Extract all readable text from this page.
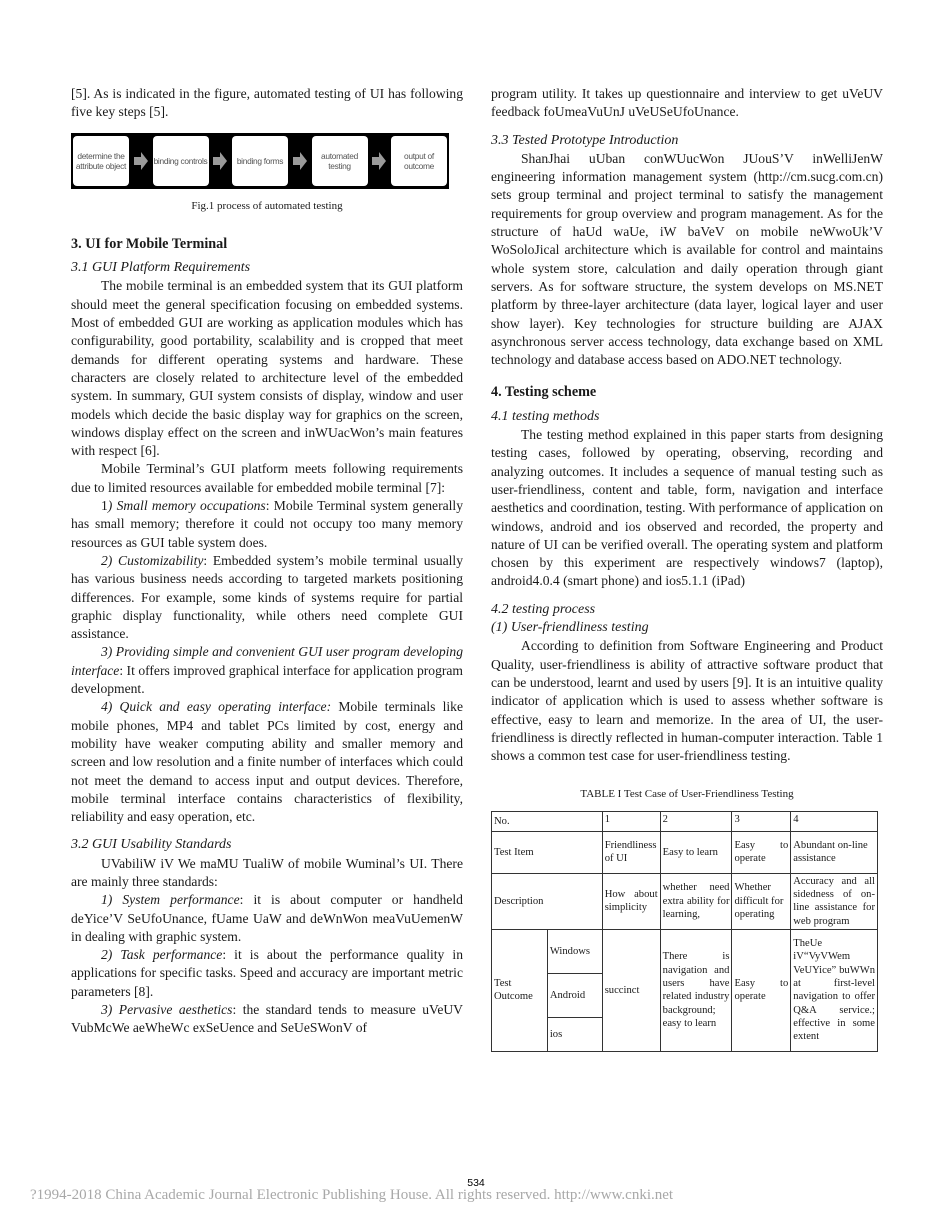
[5]. As is indicated in the figure, automated testing of UI has following five key steps [5].

determine the attribute object	binding controls	binding forms	automated testing
output of outcome
Fig.1 process of automated testing
3. UI for Mobile Terminal
3.1 GUI Platform Requirements

The mobile terminal is an embedded system that its GUI platform should meet the general specification focusing on embedded systems. Most of embedded GUI are working as application modules which has configurability, good portability, scalability and is cropped that meet demands for different operating systems and hardware. These characters are closely related to architecture level of the embedded system. In summary, GUI system consists of display, window and user models which decide the basic display way for graphics on the screen, windows display effect on the screen and inWUacWon’s main features with respect [6].

Mobile Terminal’s GUI platform meets following requirements due to limited resources available for embedded mobile terminal [7]:

1) Small memory occupations: Mobile Terminal system generally has small memory; therefore it could not occupy too many memory resources as GUI table system does.

2) Customizability: Embedded system’s mobile terminal usually has various business needs according to targeted markets positioning differences. For example, some kinds of systems require for partial graphic display functionality, while others need complete GUI assistance.

3) Providing simple and convenient GUI user program developing interface: It offers improved graphical interface for application program development.

4) Quick and easy operating interface: Mobile terminals like mobile phones, MP4 and tablet PCs limited by cost, energy and mobility have weaker computing ability and smaller memory and screen and low resolution and a finite number of interfaces which could not meet the demand to access input and output devices. Therefore, mobile terminal interface contains characteristics of flexibility, reliability and easy operation, etc.

3.2 GUI Usability Standards

UVabiliW iV We maMU TualiW of mobile Wuminal’s UI. There are mainly three standards:

1) System performance: it is about computer or handheld deYice’V SeUfoUnance, fUame UaW and deWnWon meaVuUemenW in dealing with graphic system.

2) Task performance: it is about the performance quality in applications for specific tasks. Speed and accuracy are important metric parameters [8].

3) Pervasive aesthetics: the standard tends to measure uVeUV VubMcWe aeWheWc exSeUence and SeUeSWonV of

program utility. It takes up questionnaire and interview to get uVeUV feedback foUmeaVuUnJ uVeUSeUfoUnance.

3.3 Tested Prototype Introduction

ShanJhai uUban conWUucWon JUouS’V inWelliJenW engineering information management system (http://cm.sucg.com.cn) sets group terminal and project terminal to satisfy the management requirements for group overview and program management. As for the structure of haUd waUe, iW baVeV on mobile neWwoUk’V WoSoloJical architecture which is available for control and maintains whole system store, calculation and daily operation through giant servers. As for software structure, the system develops on MS.NET platform by three-layer architecture (data layer, logical layer and user show layer). Key technologies for structure building are AJAX asynchronous server access technology, data exchange based on XML technology and database access based on ADO.NET technology.

4. Testing scheme
4.1 testing methods

The testing method explained in this paper starts from designing testing cases, followed by operating, observing, recording and analyzing outcomes. It includes a sequence of manual testing such as user-friendliness, content and table, form, navigation and interface aesthetics and coordination, testing. With performance of application on windows, android and ios observed and recorded, the property and nature of UI can be verified overall. The operating system and platform chosen by this experiment are respectively windows7 (laptop), android4.0.4 (smart phone) and ios5.1.1 (iPad)

4.2 testing process
(1) User-friendliness testing

According to definition from Software Engineering and Product Quality, user-friendliness is ability of attractive software product that can be understood, learnt and used by users [9]. It is an intuitive quality indicator of application which is used to assess whether software is effective, easy to learn and memorize. In the area of UI, the user-friendliness is directly reflected in human-computer interaction. Table 1 shows a common test case for user-friendliness testing.

TABLE I Test Case of User-Friendliness Testing
No.		1	2	3	4
Test Item		Friendliness of UI	Easy to learn	Easy to operate	Abundant on-line assistance
Description		How about simplicity	whether need extra ability for learning,	Whether difficult for operating	Accuracy and all sidedness of on-line assistance for web program
Test Outcome	Windows	succinct	There is navigation and users have related industry background; easy to learn	Easy to operate	TheUe iV“VyVWem VeUYice” buWWn at first-level navigation to offer Q&A service.; effective in some extent
	Android				
	ios				
534
?1994-2018 China Academic Journal Electronic Publishing House. All rights reserved. http://www.cnki.net
